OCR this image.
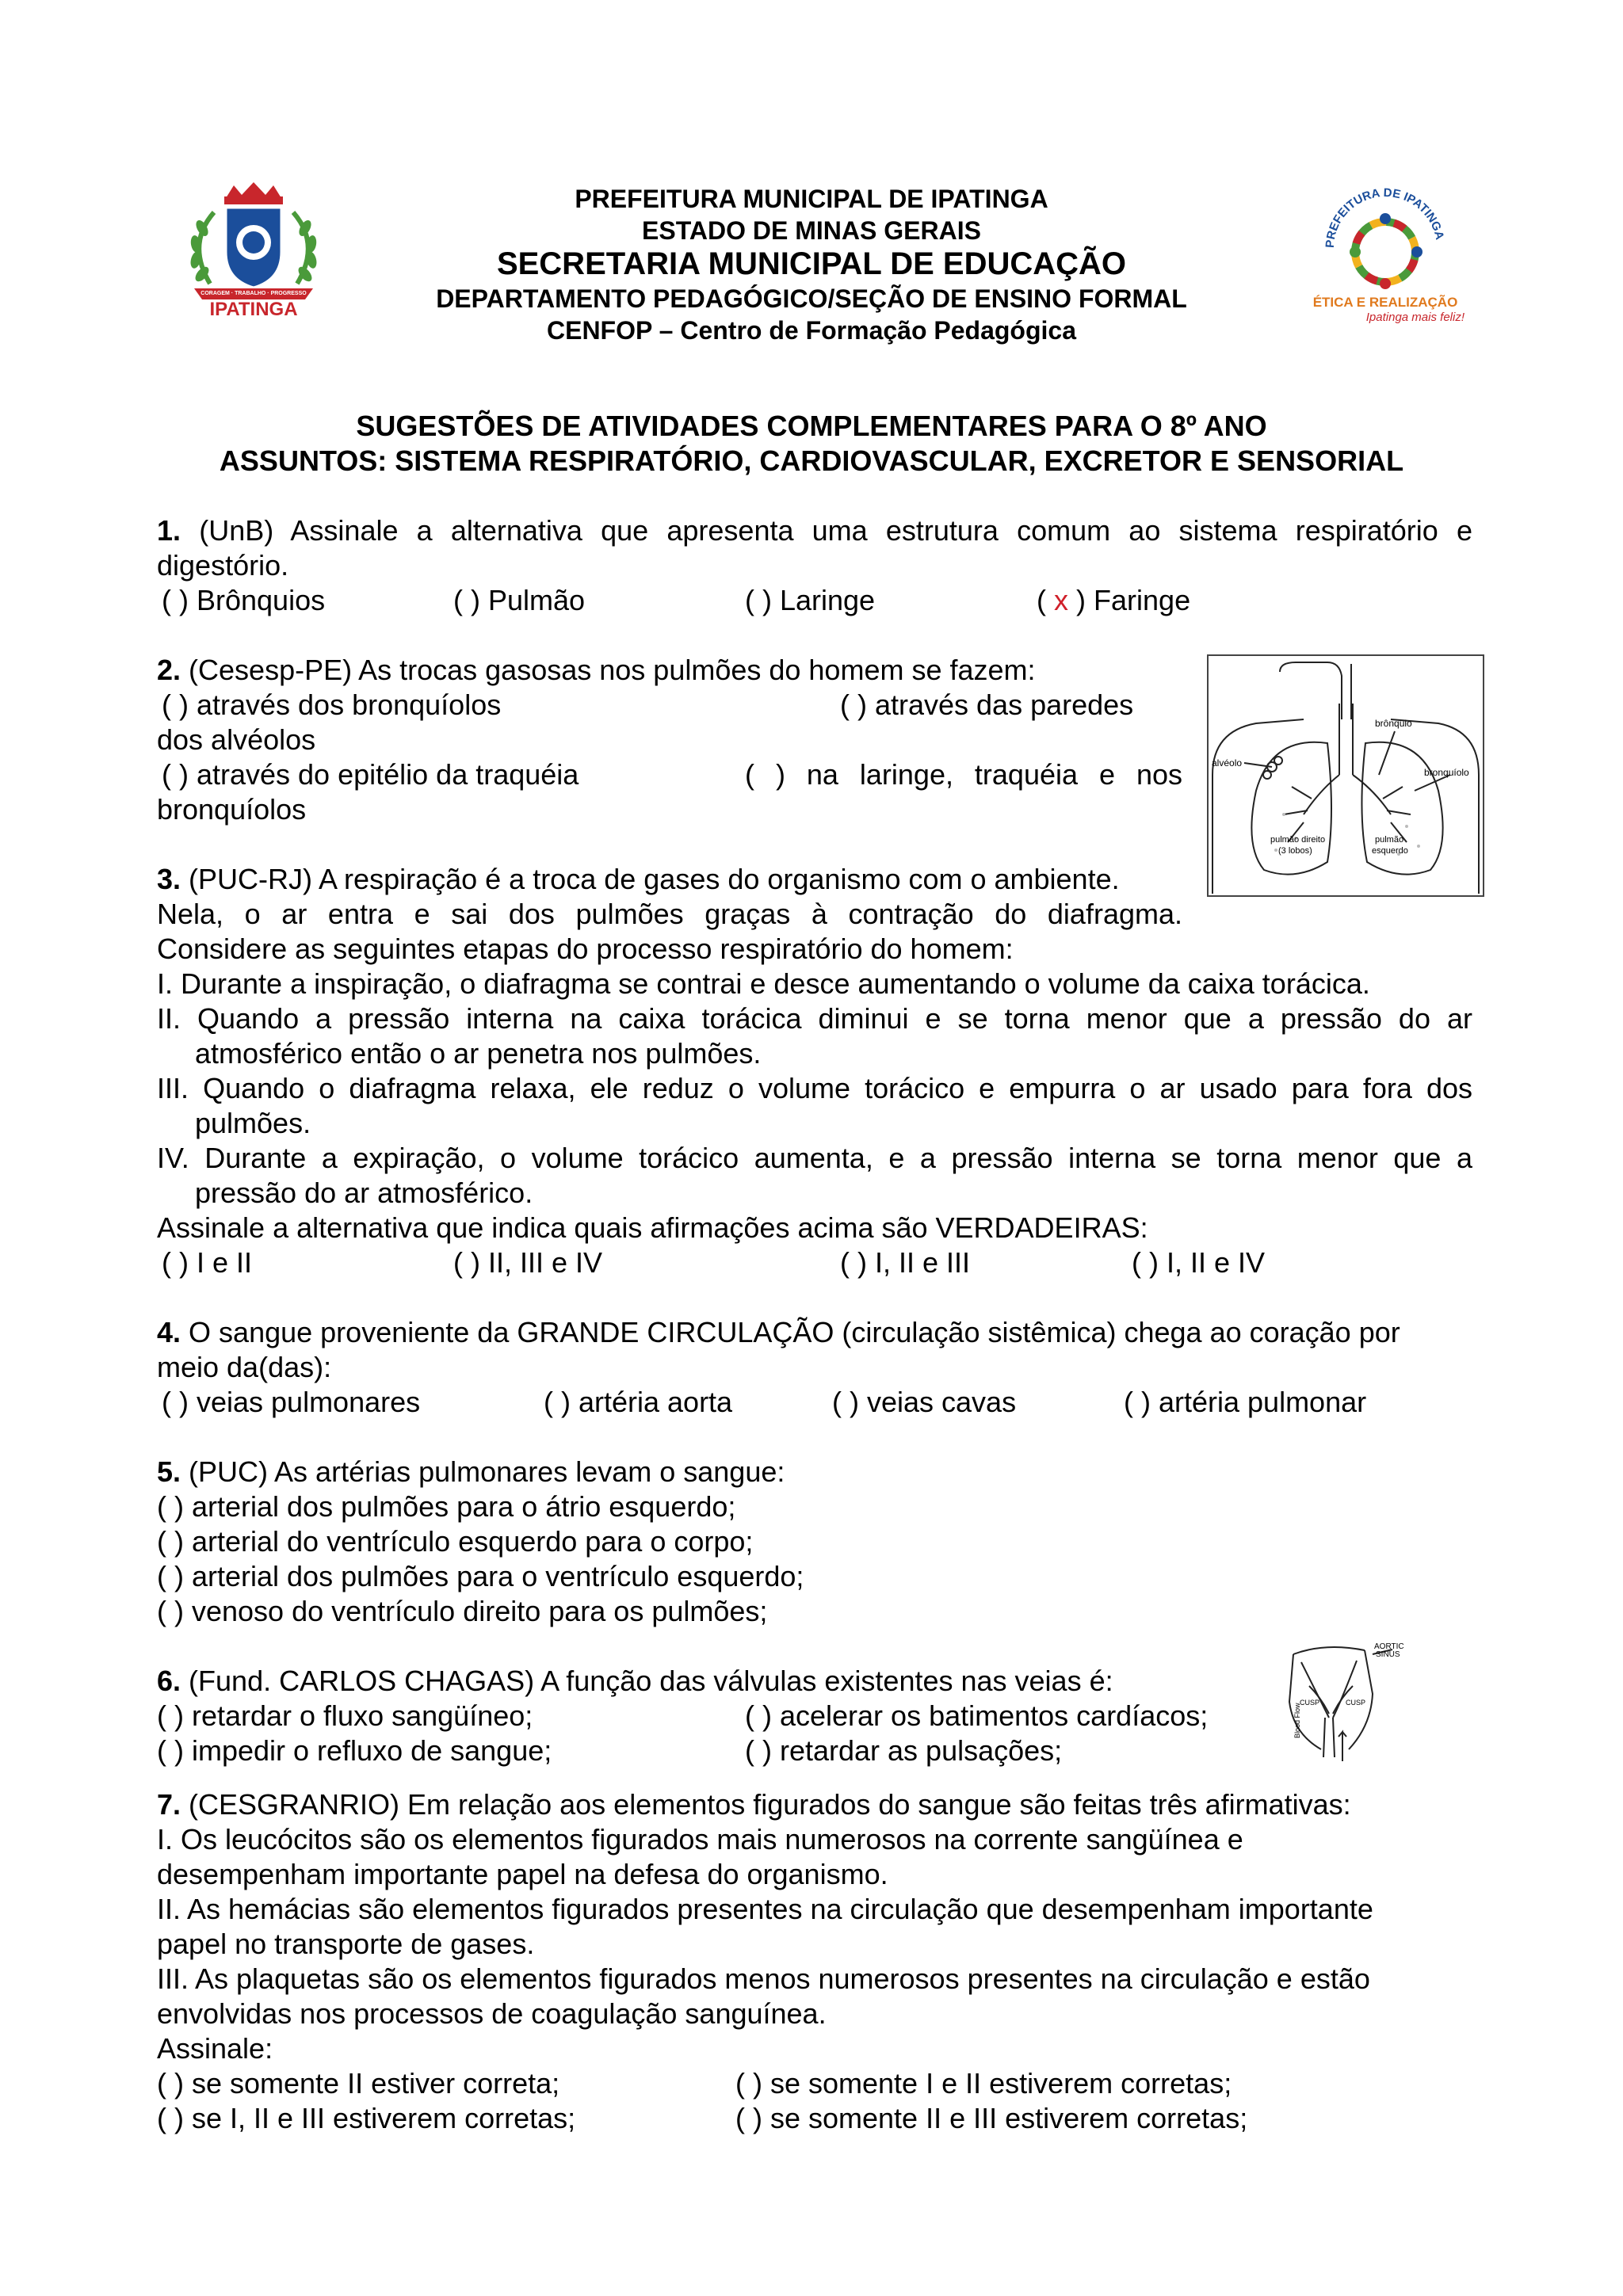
CORAGEM · TRABALHO · PROGRESSO
IPATINGA
PREFEITURA MUNICIPAL DE IPATINGA
ESTADO DE MINAS GERAIS
SECRETARIA MUNICIPAL DE EDUCAÇÃO
DEPARTAMENTO PEDAGÓGICO/SEÇÃO DE ENSINO FORMAL
CENFOP – Centro de Formação Pedagógica
PREFEITURA DE IPATINGA
ÉTICA E REALIZAÇÃO
Ipatinga mais feliz!
SUGESTÕES DE ATIVIDADES COMPLEMENTARES PARA O 8º ANO
ASSUNTOS: SISTEMA RESPIRATÓRIO, CARDIOVASCULAR, EXCRETOR E SENSORIAL
1. (UnB) Assinale a alternativa que apresenta uma estrutura comum ao sistema respiratório e
digestório.
( ) Brônquios	( ) Pulmão	( ) Laringe	( x ) Faringe
2. (Cesesp-PE) As trocas gasosas nos pulmões do homem se fazem:
( ) através dos bronquíolos	( ) através das paredes
dos alvéolos
( ) através do epitélio da traquéia	( ) na laringe, traquéia e nos
bronquíolos
brônquio
alvéolo
bronquíolo
pulmão direito
(3 lobos)
pulmão
esquerdo
3. (PUC-RJ) A respiração é a troca de gases do organismo com o ambiente.
Nela, o ar entra e sai dos pulmões graças à contração do diafragma.
Considere as seguintes etapas do processo respiratório do homem:
I. Durante a inspiração, o diafragma se contrai e desce aumentando o volume da caixa torácica.
II. Quando a pressão interna na caixa torácica diminui e se torna menor que a pressão do ar
atmosférico então o ar penetra nos pulmões.
III. Quando o diafragma relaxa, ele reduz o volume torácico e empurra o ar usado para fora dos
pulmões.
IV. Durante a expiração, o volume torácico aumenta, e a pressão interna se torna menor que a
pressão do ar atmosférico.
Assinale a alternativa que indica quais afirmações acima são VERDADEIRAS:
( ) I e II	( ) II, III e IV	( ) I, II e III	( ) I, II e IV
4. O sangue proveniente da GRANDE CIRCULAÇÃO (circulação sistêmica) chega ao coração por
meio da(das):
( ) veias pulmonares	( ) artéria aorta	( ) veias cavas	( ) artéria pulmonar
5. (PUC) As artérias pulmonares levam o sangue:
( ) arterial dos pulmões para o átrio esquerdo;
( ) arterial do ventrículo esquerdo para o corpo;
( ) arterial dos pulmões para o ventrículo esquerdo;
( ) venoso do ventrículo direito para os pulmões;
6. (Fund. CARLOS CHAGAS) A função das válvulas existentes nas veias é:
( ) retardar o fluxo sangüíneo;	( ) acelerar os batimentos cardíacos;
( ) impedir o refluxo de sangue;	( ) retardar as pulsações;
AORTIC
SINUS
CUSP	CUSP
Blood Flow
7. (CESGRANRIO) Em relação aos elementos figurados do sangue são feitas três afirmativas:
I. Os leucócitos são os elementos figurados mais numerosos na corrente sangüínea e
desempenham importante papel na defesa do organismo.
II. As hemácias são elementos figurados presentes na circulação que desempenham importante
papel no transporte de gases.
III. As plaquetas são os elementos figurados menos numerosos presentes na circulação e estão
envolvidas nos processos de coagulação sanguínea.
Assinale:
( ) se somente II estiver correta;	( ) se somente I e II estiverem corretas;
( ) se I, II e III estiverem corretas;	( ) se somente II e III estiverem corretas;
